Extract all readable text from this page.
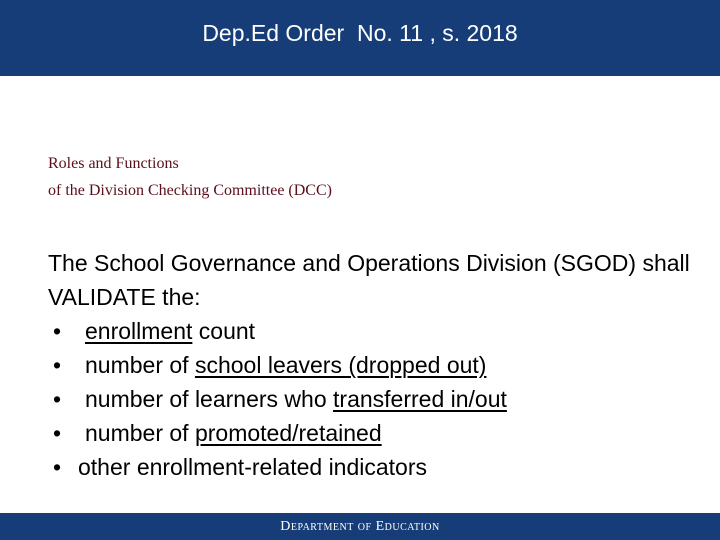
Dep.Ed Order  No. 11 , s. 2018
Roles and Functions
of the Division Checking Committee (DCC)

The School Governance and Operations Division (SGOD) shall VALIDATE the:

• enrollment count
• number of school leavers (dropped out)
• number of learners who transferred in/out
• number of promoted/retained
• other enrollment-related indicators
Department of Education
